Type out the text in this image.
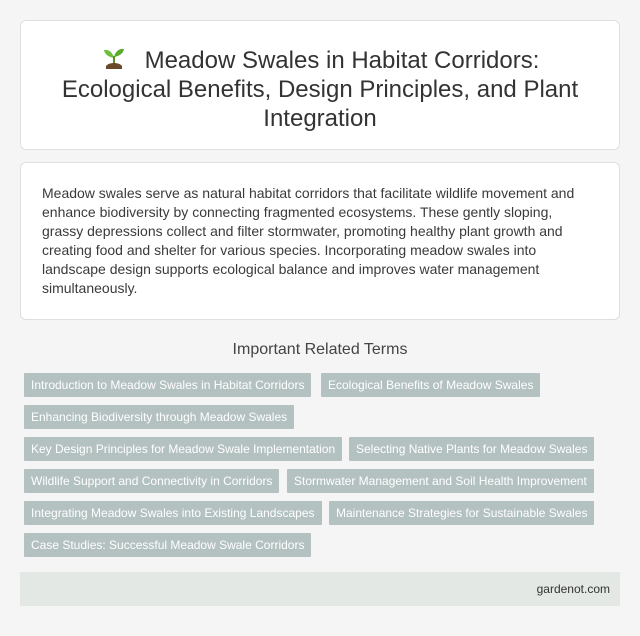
Meadow Swales in Habitat Corridors: Ecological Benefits, Design Principles, and Plant Integration

Meadow swales serve as natural habitat corridors that facilitate wildlife movement and enhance biodiversity by connecting fragmented ecosystems. These gently sloping, grassy depressions collect and filter stormwater, promoting healthy plant growth and creating food and shelter for various species. Incorporating meadow swales into landscape design supports ecological balance and improves water management simultaneously.

Important Related Terms
Introduction to Meadow Swales in Habitat Corridors	Ecological Benefits of Meadow Swales
Enhancing Biodiversity through Meadow Swales
Key Design Principles for Meadow Swale Implementation	Selecting Native Plants for Meadow Swales
Wildlife Support and Connectivity in Corridors	Stormwater Management and Soil Health Improvement
Integrating Meadow Swales into Existing Landscapes	Maintenance Strategies for Sustainable Swales
Case Studies: Successful Meadow Swale Corridors
gardenot.com
